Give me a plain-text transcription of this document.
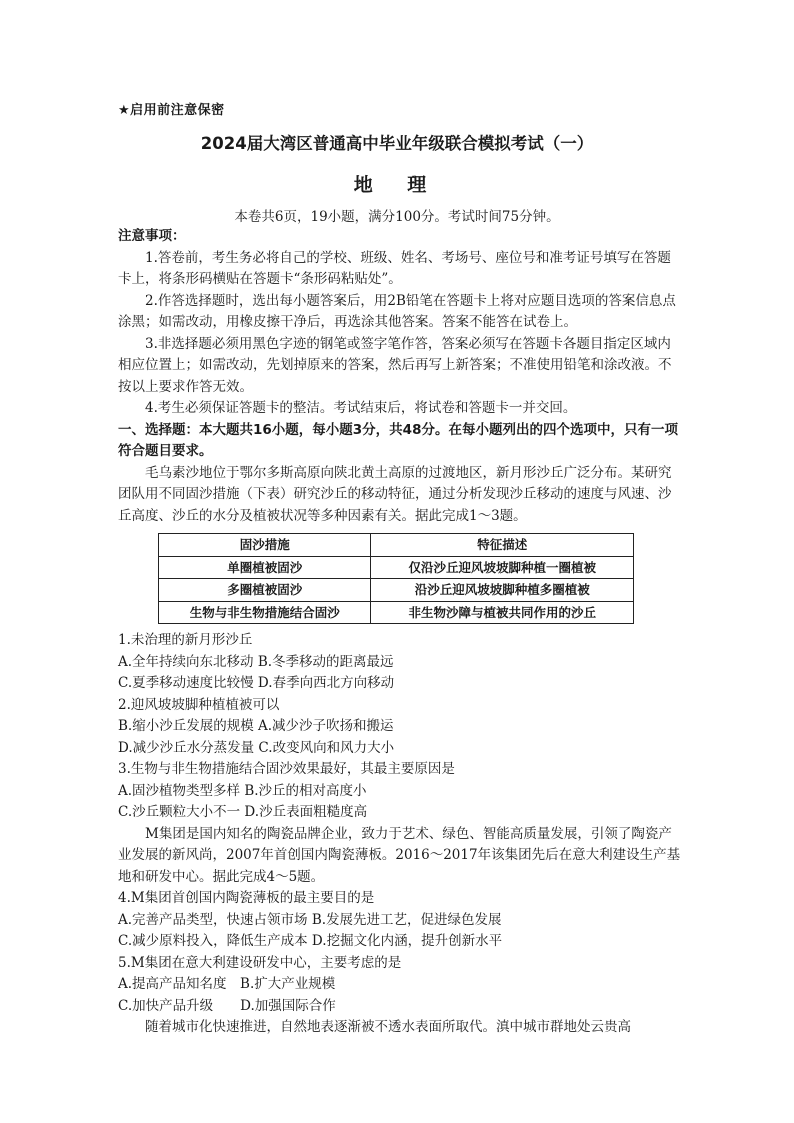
★启用前注意保密
2024届大湾区普通高中毕业年级联合模拟考试（一）
地 理
本卷共6页，19小题，满分100分。考试时间75分钟。

注意事项：

1.答卷前，考生务必将自己的学校、班级、姓名、考场号、座位号和准考证号填写在答题卡上，将条形码横贴在答题卡“条形码粘贴处”。

2.作答选择题时，选出每小题答案后，用2B铅笔在答题卡上将对应题目选项的答案信息点涂黑；如需改动，用橡皮擦干净后，再选涂其他答案。答案不能答在试卷上。

3.非选择题必须用黑色字迹的钢笔或签字笔作答，答案必须写在答题卡各题目指定区域内相应位置上；如需改动，先划掉原来的答案，然后再写上新答案；不准使用铅笔和涂改液。不按以上要求作答无效。

4.考生必须保证答题卡的整洁。考试结束后，将试卷和答题卡一并交回。

一、选择题：本大题共16小题，每小题3分，共48分。在每小题列出的四个选项中，只有一项符合题目要求。

毛乌素沙地位于鄂尔多斯高原向陕北黄土高原的过渡地区，新月形沙丘广泛分布。某研究团队用不同固沙措施（下表）研究沙丘的移动特征，通过分析发现沙丘移动的速度与风速、沙丘高度、沙丘的水分及植被状况等多种因素有关。据此完成1～3题。

固沙措施	特征描述
单圈植被固沙	仅沿沙丘迎风坡坡脚种植一圈植被
多圈植被固沙	沿沙丘迎风坡坡脚种植多圈植被
生物与非生物措施结合固沙	非生物沙障与植被共同作用的沙丘

1.未治理的新月形沙丘

A.全年持续向东北移动 B.冬季移动的距离最远

C.夏季移动速度比较慢 D.春季向西北方向移动

2.迎风坡坡脚种植植被可以

B.缩小沙丘发展的规模 A.减少沙子吹扬和搬运

D.减少沙丘水分蒸发量 C.改变风向和风力大小

3.生物与非生物措施结合固沙效果最好，其最主要原因是

A.固沙植物类型多样 B.沙丘的相对高度小

C.沙丘颗粒大小不一 D.沙丘表面粗糙度高

M集团是国内知名的陶瓷品牌企业，致力于艺术、绿色、智能高质量发展，引领了陶瓷产业发展的新风尚，2007年首创国内陶瓷薄板。2016～2017年该集团先后在意大利建设生产基地和研发中心。据此完成4～5题。

4.M集团首创国内陶瓷薄板的最主要目的是

A.完善产品类型，快速占领市场 B.发展先进工艺，促进绿色发展

C.减少原料投入，降低生产成本 D.挖掘文化内涵，提升创新水平

5.M集团在意大利建设研发中心，主要考虑的是

A.提高产品知名度　B.扩大产业规模

C.加快产品升级　　D.加强国际合作

随着城市化快速推进，自然地表逐渐被不透水表面所取代。滇中城市群地处云贵高
